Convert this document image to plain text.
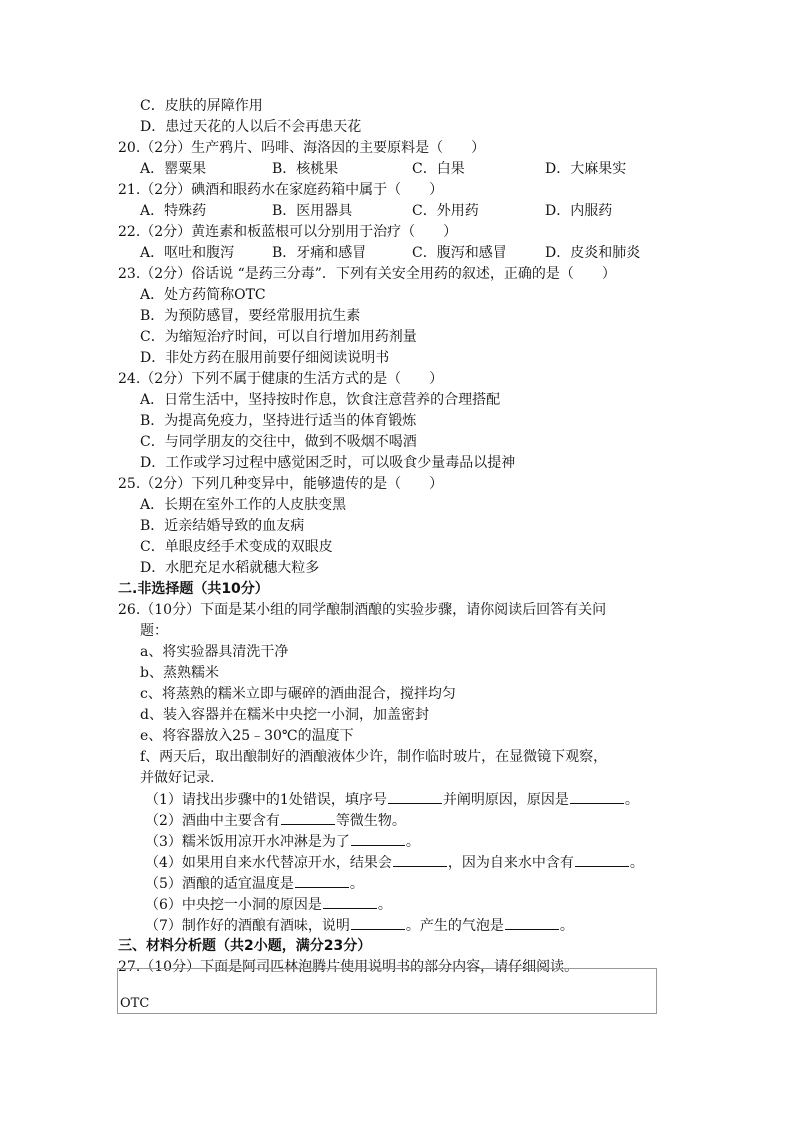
C．皮肤的屏障作用
D．患过天花的人以后不会再患天花
20.（2分）生产鸦片、吗啡、海洛因的主要原料是（　　）
A．罂粟果	B．核桃果	C．白果	D．大麻果实
21.（2分）碘酒和眼药水在家庭药箱中属于（　　）
A．特殊药	B．医用器具	C．外用药	D．内服药
22.（2分）黄连素和板蓝根可以分别用于治疗（　　）
A．呕吐和腹泻	B．牙痛和感冒	C．腹泻和感冒	D．皮炎和肺炎
23.（2分）俗话说 “是药三分毒”．下列有关安全用药的叙述，正确的是（　　）
A．处方药简称OTC
B．为预防感冒，要经常服用抗生素
C．为缩短治疗时间，可以自行增加用药剂量
D．非处方药在服用前要仔细阅读说明书
24.（2分）下列不属于健康的生活方式的是（　　）
A．日常生活中，坚持按时作息，饮食注意营养的合理搭配
B．为提高免疫力，坚持进行适当的体育锻炼
C．与同学朋友的交往中，做到不吸烟不喝酒
D．工作或学习过程中感觉困乏时，可以吸食少量毒品以提神
25.（2分）下列几种变异中，能够遗传的是（　　）
A．长期在室外工作的人皮肤变黑
B．近亲结婚导致的血友病
C．单眼皮经手术变成的双眼皮
D．水肥充足水稻就穗大粒多
二.非选择题（共10分）
26.（10分）下面是某小组的同学酿制酒酿的实验步骤，请你阅读后回答有关问
题：
a、将实验器具清洗干净
b、蒸熟糯米
c、将蒸熟的糯米立即与碾碎的酒曲混合，搅拌均匀
d、装入容器并在糯米中央挖一小洞，加盖密封
e、将容器放入25﹣30℃的温度下
f、两天后，取出酿制好的酒酿液体少许，制作临时玻片，在显微镜下观察，
并做好记录.
（1）请找出步骤中的1处错误，填序号	并阐明原因，原因是	。
（2）酒曲中主要含有	等微生物。
（3）糯米饭用凉开水冲淋是为了	。
（4）如果用自来水代替凉开水，结果会	，因为自来水中含有	。
（5）酒酿的适宜温度是	。
（6）中央挖一小洞的原因是	。
（7）制作好的酒酿有酒味，说明	。产生的气泡是	。
三、材料分析题（共2小题，满分23分）
27.（10分）下面是阿司匹林泡腾片使用说明书的部分内容，请仔细阅读。
OTC
